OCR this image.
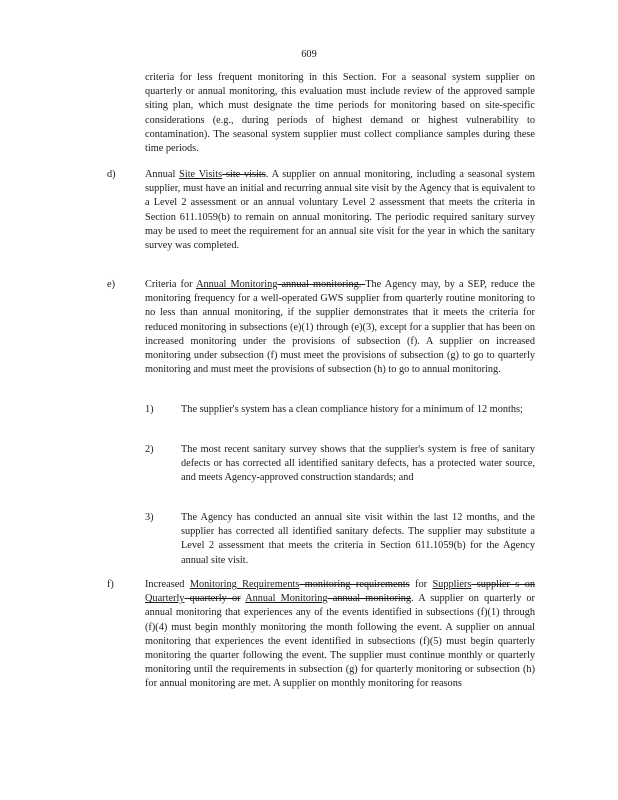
609

criteria for less frequent monitoring in this Section. For a seasonal system supplier on quarterly or annual monitoring, this evaluation must include review of the approved sample siting plan, which must designate the time periods for monitoring based on site-specific considerations (e.g., during periods of highest demand or highest vulnerability to contamination). The seasonal system supplier must collect compliance samples during these time periods.

d)	Annual Site Visits site visits. A supplier on annual monitoring, including a seasonal system supplier, must have an initial and recurring annual site visit by the Agency that is equivalent to a Level 2 assessment or an annual voluntary Level 2 assessment that meets the criteria in Section 611.1059(b) to remain on annual monitoring. The periodic required sanitary survey may be used to meet the requirement for an annual site visit for the year in which the sanitary survey was completed.

e)	Criteria for Annual Monitoring annual monitoring. The Agency may, by a SEP, reduce the monitoring frequency for a well-operated GWS supplier from quarterly routine monitoring to no less than annual monitoring, if the supplier demonstrates that it meets the criteria for reduced monitoring in subsections (e)(1) through (e)(3), except for a supplier that has been on increased monitoring under the provisions of subsection (f). A supplier on increased monitoring under subsection (f) must meet the provisions of subsection (g) to go to quarterly monitoring and must meet the provisions of subsection (h) to go to annual monitoring.

1)	The supplier's system has a clean compliance history for a minimum of 12 months;

2)	The most recent sanitary survey shows that the supplier's system is free of sanitary defects or has corrected all identified sanitary defects, has a protected water source, and meets Agency-approved construction standards; and

3)	The Agency has conducted an annual site visit within the last 12 months, and the supplier has corrected all identified sanitary defects. The supplier may substitute a Level 2 assessment that meets the criteria in Section 611.1059(b) for the Agency annual site visit.

f)	Increased Monitoring Requirements monitoring requirements for Suppliers supplier s on Quarterly quarterly or Annual Monitoring annual monitoring. A supplier on quarterly or annual monitoring that experiences any of the events identified in subsections (f)(1) through (f)(4) must begin monthly monitoring the month following the event. A supplier on annual monitoring that experiences the event identified in subsections (f)(5) must begin quarterly monitoring the quarter following the event. The supplier must continue monthly or quarterly monitoring until the requirements in subsection (g) for quarterly monitoring or subsection (h) for annual monitoring are met. A supplier on monthly monitoring for reasons
